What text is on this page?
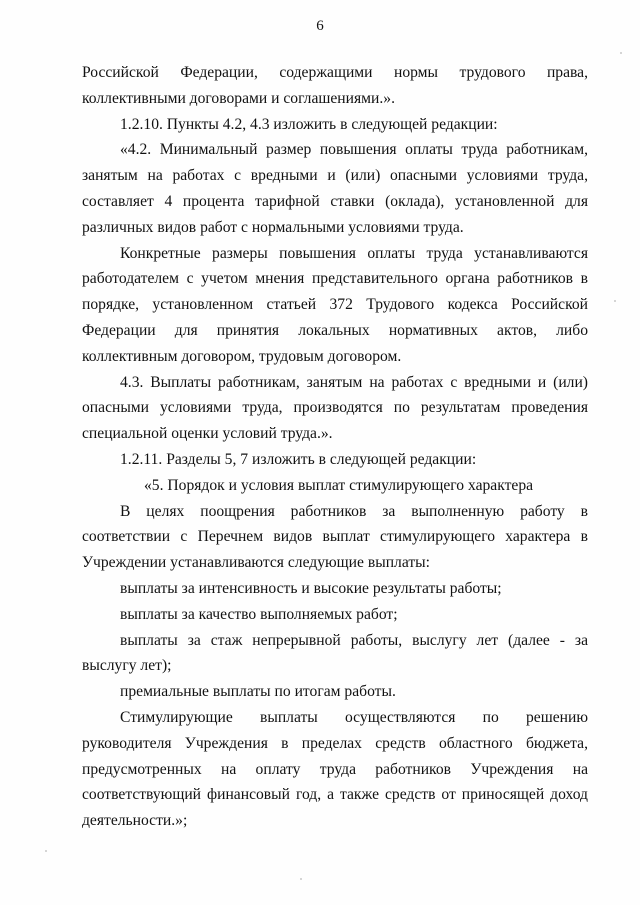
6

Российской Федерации, содержащими нормы трудового права, коллективными договорами и соглашениями.».

1.2.10. Пункты 4.2, 4.3 изложить в следующей редакции:

«4.2. Минимальный размер повышения оплаты труда работникам, занятым на работах с вредными и (или) опасными условиями труда, составляет 4 процента тарифной ставки (оклада), установленной для различных видов работ с нормальными условиями труда.

Конкретные размеры повышения оплаты труда устанавливаются работодателем с учетом мнения представительного органа работников в порядке, установленном статьей 372 Трудового кодекса Российской Федерации для принятия локальных нормативных актов, либо коллективным договором, трудовым договором.

4.3. Выплаты работникам, занятым на работах с вредными и (или) опасными условиями труда, производятся по результатам проведения специальной оценки условий труда.».

1.2.11. Разделы 5, 7 изложить в следующей редакции:

«5. Порядок и условия выплат стимулирующего характера

В целях поощрения работников за выполненную работу в соответствии с Перечнем видов выплат стимулирующего характера в Учреждении устанавливаются следующие выплаты:

выплаты за интенсивность и высокие результаты работы;

выплаты за качество выполняемых работ;

выплаты за стаж непрерывной работы, выслугу лет (далее - за выслугу лет);

премиальные выплаты по итогам работы.

Стимулирующие выплаты осуществляются по решению руководителя Учреждения в пределах средств областного бюджета, предусмотренных на оплату труда работников Учреждения на соответствующий финансовый год, а также средств от приносящей доход деятельности.»;
